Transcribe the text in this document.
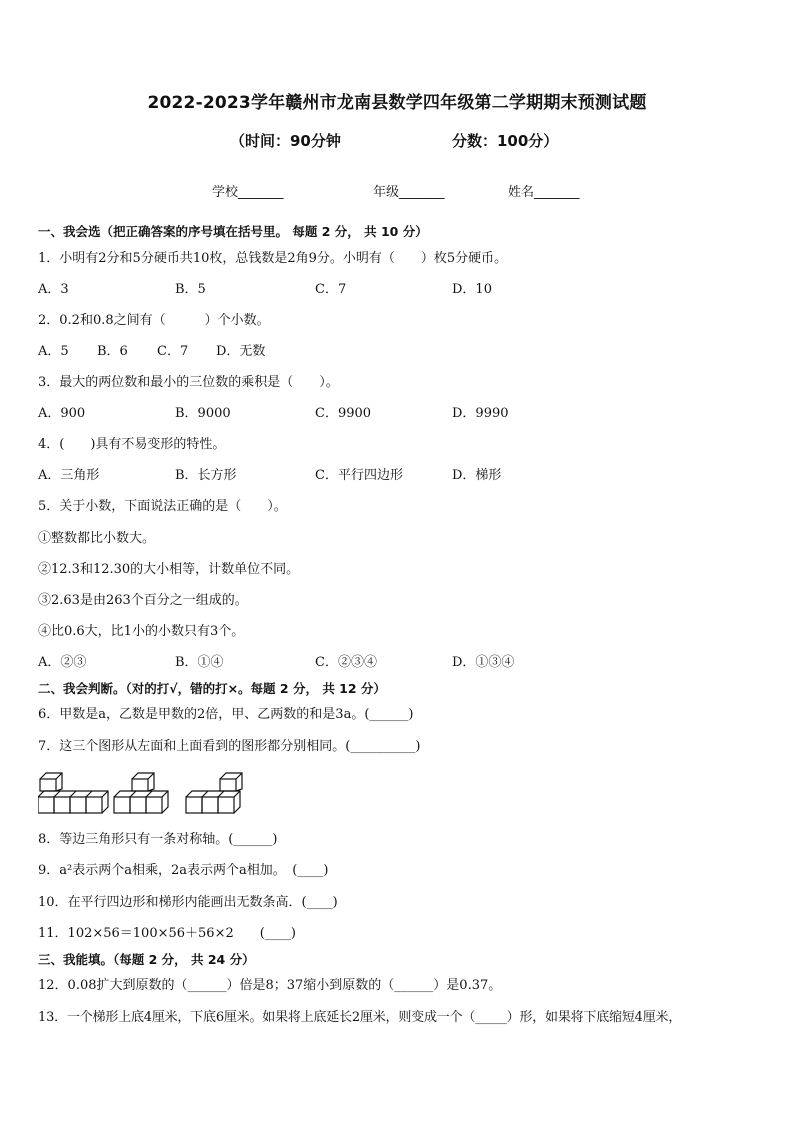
2022-2023学年赣州市龙南县数学四年级第二学期期末预测试题
（时间：90分钟	分数：100分）
学校_______	年级_______	姓名_______
一、我会选（把正确答案的序号填在括号里。 每题 2 分， 共 10 分）
1．小明有2分和5分硬币共10枚，总钱数是2角9分。小明有（　　）枚5分硬币。
A．3	B．5	C．7	D．10
2．0.2和0.8之间有（　　　）个小数。
A．5 B．6 C．7 D．无数
3．最大的两位数和最小的三位数的乘积是（　　）。
A．900	B．9000	C．9900	D．9990
4．(　　)具有不易变形的特性。
A．三角形	B．长方形	C．平行四边形	D．梯形
5．关于小数，下面说法正确的是（　　）。
①整数都比小数大。
②12.3和12.30的大小相等，计数单位不同。
③2.63是由263个百分之一组成的。
④比0.6大，比1小的小数只有3个。
A．②③	B．①④	C．②③④	D．①③④
二、我会判断。（对的打√，错的打×。每题 2 分， 共 12 分）
6．甲数是a，乙数是甲数的2倍，甲、乙两数的和是3a。(______)
7．这三个图形从左面和上面看到的图形都分别相同。(__________)
8．等边三角形只有一条对称轴。(______)
9．a²表示两个a相乘，2a表示两个a相加。　(____)
10．在平行四边形和梯形内能画出无数条高．(____)
11．102×56＝100×56＋56×2　　(____)
三、我能填。（每题 2 分， 共 24 分）
12．0.08扩大到原数的（______）倍是8；37缩小到原数的（______）是0.37。
13．一个梯形上底4厘米，下底6厘米。如果将上底延长2厘米，则变成一个（_____）形，如果将下底缩短4厘米，
